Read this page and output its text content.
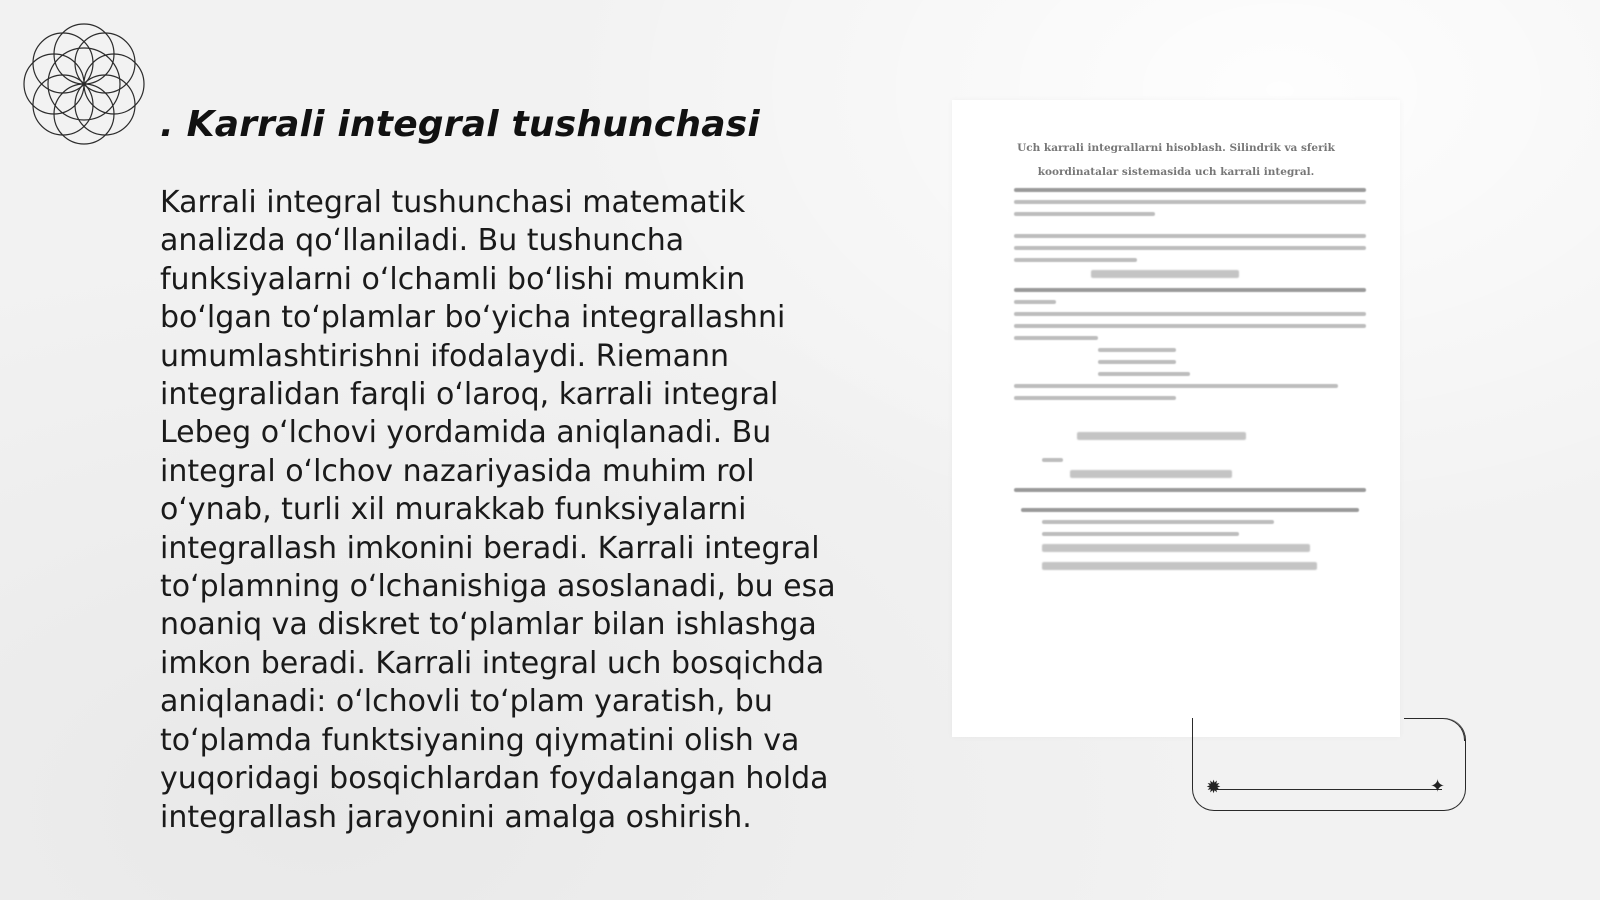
. Karrali integral tushunchasi

Karrali integral tushunchasi matematik analizda qoʻllaniladi. Bu tushuncha funksiyalarni oʻlchamli boʻlishi mumkin boʻlgan toʻplamlar boʻyicha integrallashni umumlashtirishni ifodalaydi. Riemann integralidan farqli oʻlaroq, karrali integral Lebeg oʻlchovi yordamida aniqlanadi. Bu integral oʻlchov nazariyasida muhim rol oʻynab, turli xil murakkab funksiyalarni integrallash imkonini beradi. Karrali integral toʻplamning oʻlchanishiga asoslanadi, bu esa noaniq va diskret toʻplamlar bilan ishlashga imkon beradi. Karrali integral uch bosqichda aniqlanadi: oʻlchovli toʻplam yaratish, bu toʻplamda funktsiyaning qiymatini olish va yuqoridagi bosqichlardan foydalangan holda integrallash jarayonini amalga oshirish.

Uch karrali integrallarni hisoblash. Silindrik va sferik

koordinatalar sistemasida uch karrali integral.

✹	✦
